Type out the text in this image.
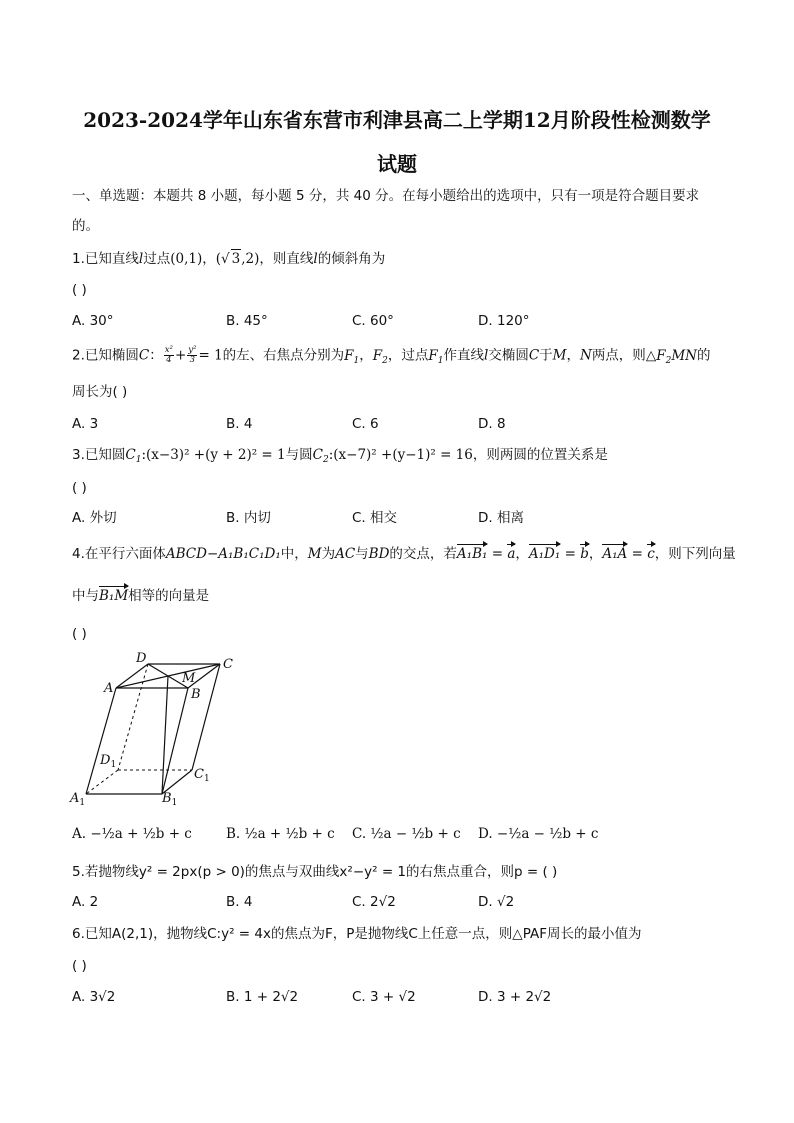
2023-2024学年山东省东营市利津县高二上学期12月阶段性检测数学
试题
一、单选题：本题共 8 小题，每小题 5 分，共 40 分。在每小题给出的选项中，只有一项是符合题目要求
的。
1.已知直线l过点(0,1)，(√ 3,2)，则直线l的倾斜角为
( )
A. 30°	B. 45°	C. 60°	D. 120°
2.已知椭圆C： $\frac{\text{x²}}{4} + \frac{\text{y²}}{3} = 1$的左、右焦点分别为$F_1$，$F_2$，过点$F_1$作直线l交椭圆C于M，N两点，则$\triangle F_2MN$的
周长为( )
A. 3	B. 4	C. 6	D. 8
3.已知圆$C_1:(x-3)^2 +(y + 2)^2 = 1$与圆$C_2:(x-7)^2 +(y-1)^2 = 16$，则两圆的位置关系是
( )
A. 外切	B. 内切	C. 相交	D. 相离
4.在平行六面体ABCD−A₁B₁C₁D₁中，M为AC与BD的交点，若A₁B₁ = a，A₁D₁ = b，A₁A = c，则下列向量
中与B₁M相等的向量是
( )
D	C
A	B
M
$D_1$
$C_1$
$A_1$	$B_1$
A. −½a + ½b + c	B. ½a + ½b + c C. ½a − ½b + c D. −½a − ½b + c
5.若抛物线y² = 2px(p > 0)的焦点与双曲线x²−y² = 1的右焦点重合，则p = ( )
A. 2	B. 4	C. 2√2	D. √2
6.已知A(2,1)，抛物线C:y² = 4x的焦点为F，P是抛物线C上任意一点，则△PAF周长的最小值为
( )
A. 3√2	B. 1 + 2√2	C. 3 + √2	D. 3 + 2√2
